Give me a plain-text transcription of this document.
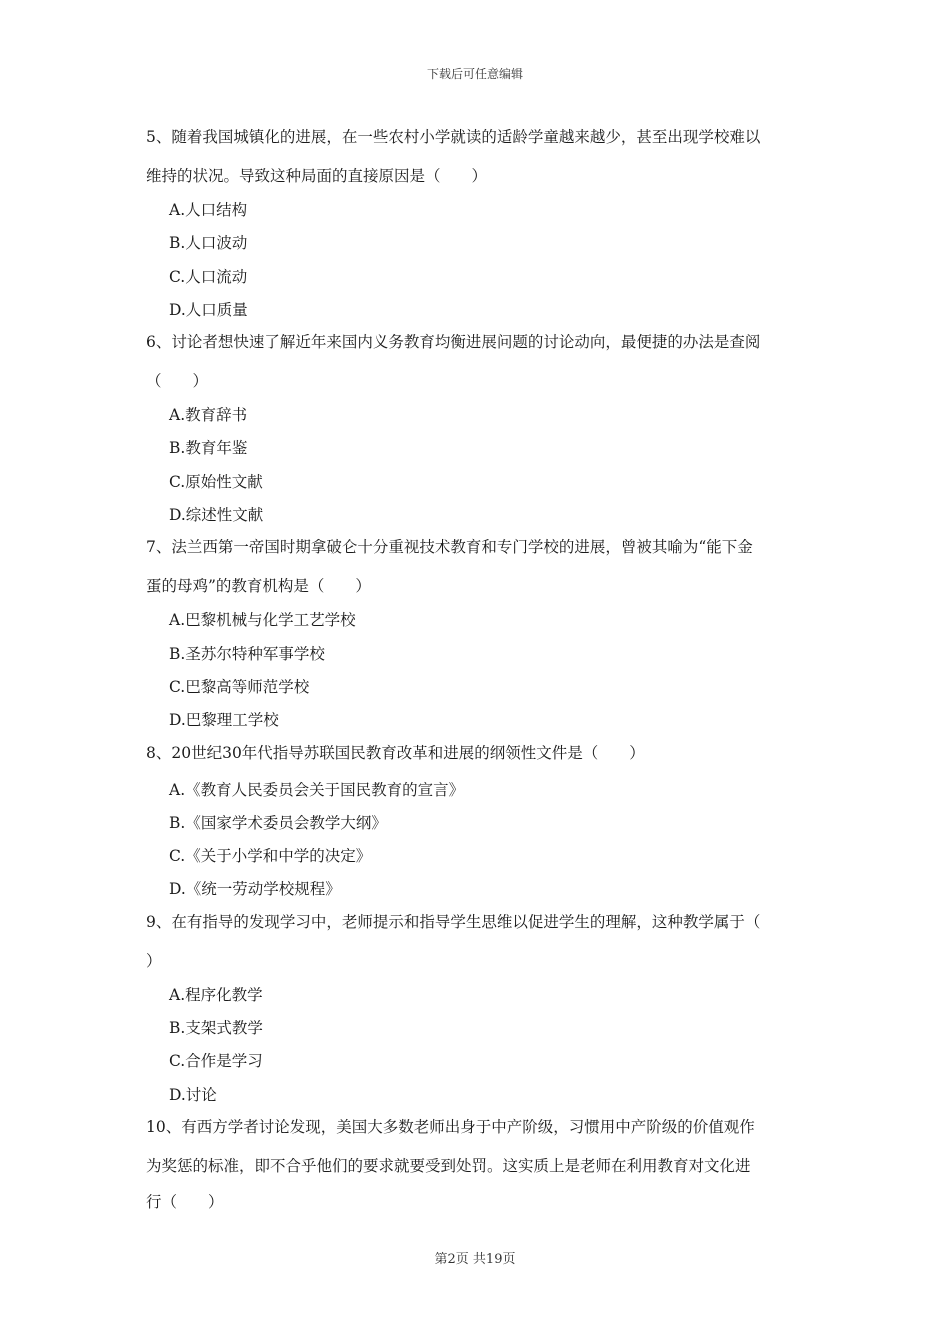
下载后可任意编辑
5、随着我国城镇化的进展，在一些农村小学就读的适龄学童越来越少，甚至出现学校难以
维持的状况。导致这种局面的直接原因是（　　）
A.人口结构
B.人口波动
C.人口流动
D.人口质量
6、讨论者想快速了解近年来国内义务教育均衡进展问题的讨论动向，最便捷的办法是查阅
（　　）
A.教育辞书
B.教育年鉴
C.原始性文献
D.综述性文献
7、法兰西第一帝国时期拿破仑十分重视技术教育和专门学校的进展，曾被其喻为“能下金
蛋的母鸡”的教育机构是（　　）
A.巴黎机械与化学工艺学校
B.圣苏尔特种军事学校
C.巴黎高等师范学校
D.巴黎理工学校
8、20世纪30年代指导苏联国民教育改革和进展的纲领性文件是（　　）
A.《教育人民委员会关于国民教育的宣言》
B.《国家学术委员会教学大纲》
C.《关于小学和中学的决定》
D.《统一劳动学校规程》
9、在有指导的发现学习中，老师提示和指导学生思维以促进学生的理解，这种教学属于（
）
A.程序化教学
B.支架式教学
C.合作是学习
D.讨论
10、有西方学者讨论发现，美国大多数老师出身于中产阶级，习惯用中产阶级的价值观作
为奖惩的标准，即不合乎他们的要求就要受到处罚。这实质上是老师在利用教育对文化进
行（　　）
第2页 共19页
